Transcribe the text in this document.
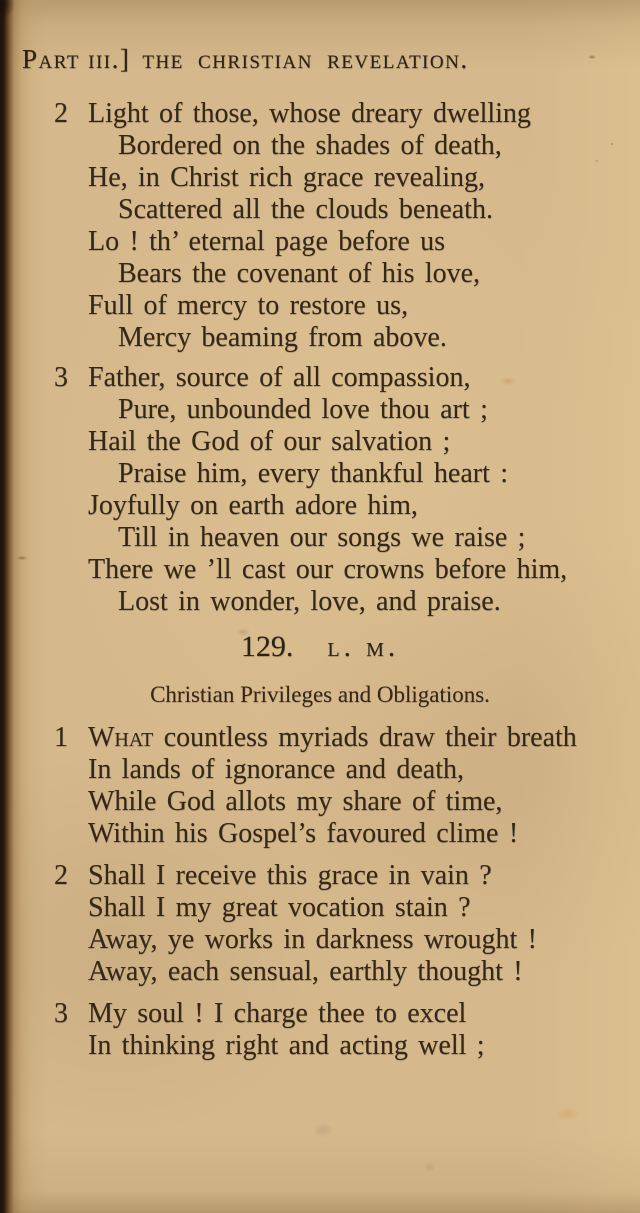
Part iii.] the christian revelation.
2 Light of those, whose dreary dwelling
Bordered on the shades of death,
He, in Christ rich grace revealing,
Scattered all the clouds beneath.
Lo ! th’ eternal page before us
Bears the covenant of his love,
Full of mercy to restore us,
Mercy beaming from above.
3 Father, source of all compassion,
Pure, unbounded love thou art ;
Hail the God of our salvation ;
Praise him, every thankful heart :
Joyfully on earth adore him,
Till in heaven our songs we raise ;
There we ’ll cast our crowns before him,
Lost in wonder, love, and praise.
129. l. m.
Christian Privileges and Obligations.
1 What countless myriads draw their breath
In lands of ignorance and death,
While God allots my share of time,
Within his Gospel’s favoured clime !
2 Shall I receive this grace in vain ?
Shall I my great vocation stain ?
Away, ye works in darkness wrought !
Away, each sensual, earthly thought !
3 My soul ! I charge thee to excel
In thinking right and acting well ;
